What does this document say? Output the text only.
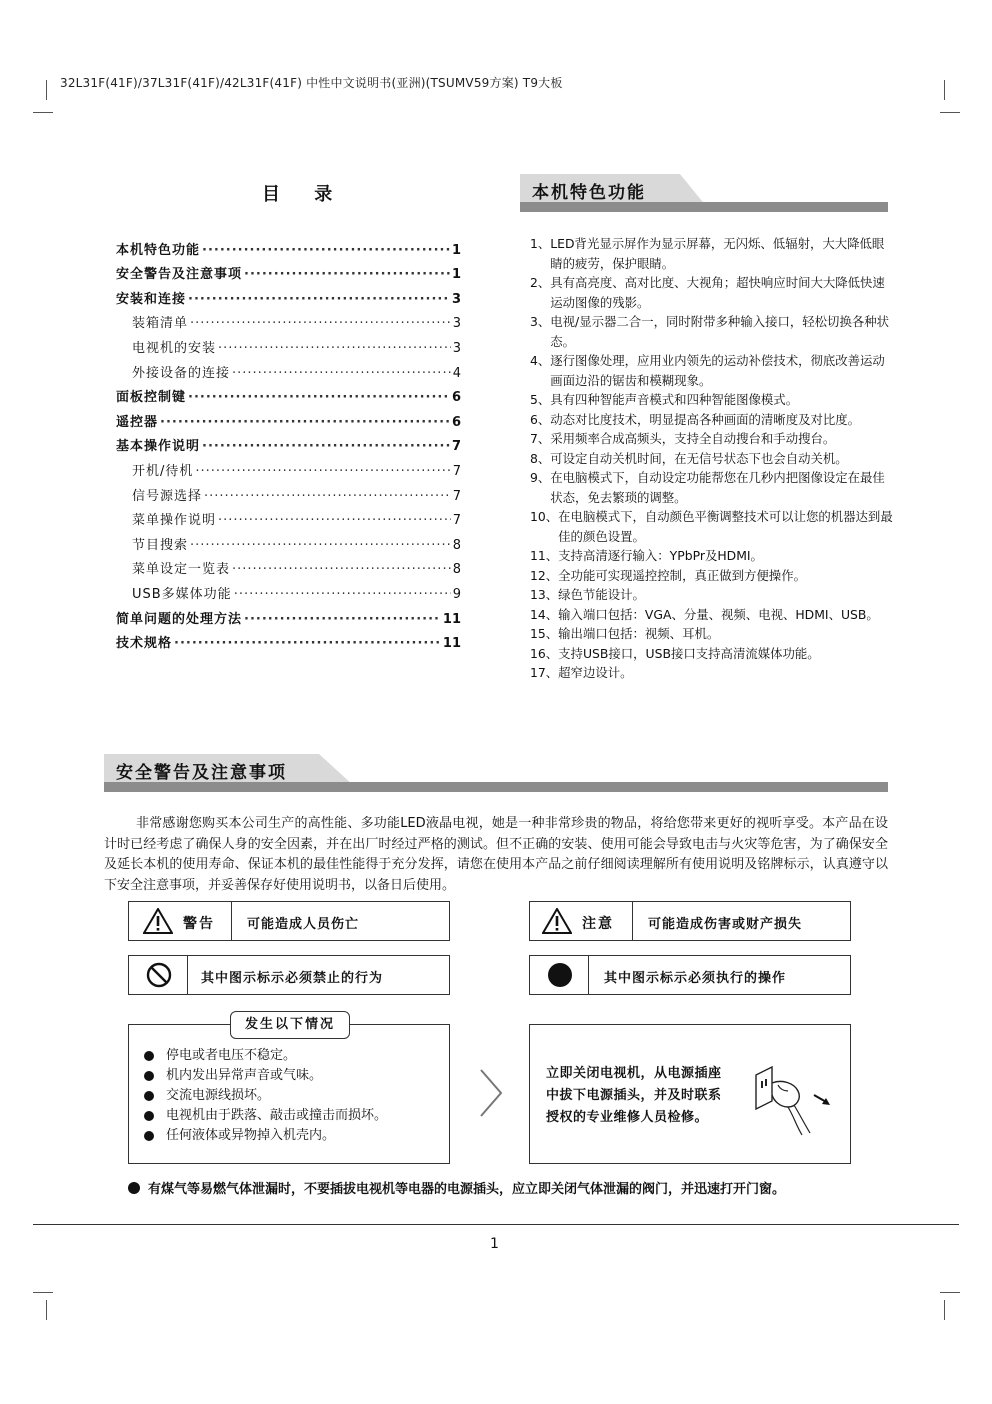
32L31F(41F)/37L31F(41F)/42L31F(41F) 中性中文说明书(亚洲)(TSUMV59方案) T9大板
目 录
本机特色功能 ·····	1
安全警告及注意事项 ·····	1
安装和连接 ·····	3
装箱清单 ·····	3
电视机的安装 ·····	3
外接设备的连接 ·····	4
面板控制键 ·····	6
遥控器 ·····	6
基本操作说明 ·····	7
开机/待机 ·····	7
信号源选择 ·····	7
菜单操作说明 ·····	7
节目搜索 ·····	8
菜单设定一览表 ·····	8
USB多媒体功能 ·····	9
简单问题的处理方法 ·····	11
技术规格 ·····	11
本机特色功能
1、 LED背光显示屏作为显示屏幕，无闪烁、低辐射，大大降低眼睛的疲劳，保护眼睛。
2、 具有高亮度、高对比度、大视角；超快响应时间大大降低快速运动图像的残影。
3、 电视/显示器二合一，同时附带多种输入接口，轻松切换各种状态。
4、 逐行图像处理，应用业内领先的运动补偿技术，彻底改善运动画面边沿的锯齿和模糊现象。
5、 具有四种智能声音模式和四种智能图像模式。
6、 动态对比度技术，明显提高各种画面的清晰度及对比度。
7、 采用频率合成高频头，支持全自动搜台和手动搜台。
8、 可设定自动关机时间，在无信号状态下也会自动关机。
9、 在电脑模式下，自动设定功能帮您在几秒内把图像设定在最佳状态，免去繁琐的调整。
10、 在电脑模式下，自动颜色平衡调整技术可以让您的机器达到最佳的颜色设置。
11、 支持高清逐行输入：YPbPr及HDMI。
12、 全功能可实现遥控控制，真正做到方便操作。
13、 绿色节能设计。
14、 输入端口包括：VGA、分量、视频、电视、HDMI、USB。
15、 输出端口包括：视频、耳机。
16、 支持USB接口，USB接口支持高清流媒体功能。
17、 超窄边设计。
安全警告及注意事项
非常感谢您购买本公司生产的高性能、多功能LED液晶电视，她是一种非常珍贵的物品，将给您带来更好的视听享受。本产品在设计时已经考虑了确保人身的安全因素，并在出厂时经过严格的测试。但不正确的安装、使用可能会导致电击与火灾等危害，为了确保安全及延长本机的使用寿命、保证本机的最佳性能得于充分发挥，请您在使用本产品之前仔细阅读理解所有使用说明及铭牌标示，认真遵守以下安全注意事项，并妥善保存好使用说明书，以备日后使用。
警告 可能造成人员伤亡	注意	可能造成伤害或财产损失
其中图示标示必须禁止的行为	其中图示标示必须执行的操作
发生以下情况
停电或者电压不稳定。
机内发出异常声音或气味。
交流电源线损坏。
电视机由于跌落、敲击或撞击而损坏。
任何液体或异物掉入机壳内。
立即关闭电视机，从电源插座
中拔下电源插头，并及时联系
授权的专业维修人员检修。
有煤气等易燃气体泄漏时，不要插拔电视机等电器的电源插头，应立即关闭气体泄漏的阀门，并迅速打开门窗。
1
